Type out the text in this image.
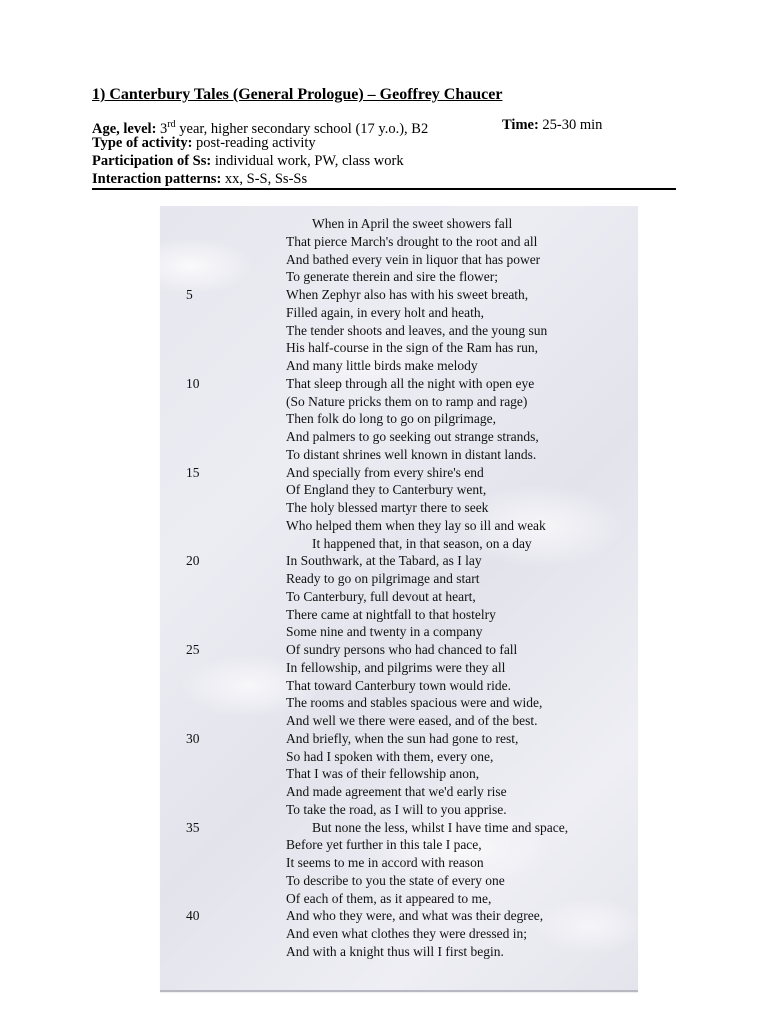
1) Canterbury Tales (General Prologue) – Geoffrey Chaucer
Age, level: 3rd year, higher secondary school (17 y.o.), B2	Time: 25-30 min
Type of activity: post-reading activity
Participation of Ss: individual work, PW, class work
Interaction patterns: xx, S-S, Ss-Ss
When in April the sweet showers fall
That pierce March's drought to the root and all
And bathed every vein in liquor that has power
To generate therein and sire the flower;
5	When Zephyr also has with his sweet breath,
Filled again, in every holt and heath,
The tender shoots and leaves, and the young sun
His half-course in the sign of the Ram has run,
And many little birds make melody
10	That sleep through all the night with open eye
(So Nature pricks them on to ramp and rage)
Then folk do long to go on pilgrimage,
And palmers to go seeking out strange strands,
To distant shrines well known in distant lands.
15	And specially from every shire's end
Of England they to Canterbury went,
The holy blessed martyr there to seek
Who helped them when they lay so ill and weak
It happened that, in that season, on a day
20	In Southwark, at the Tabard, as I lay
Ready to go on pilgrimage and start
To Canterbury, full devout at heart,
There came at nightfall to that hostelry
Some nine and twenty in a company
25	Of sundry persons who had chanced to fall
In fellowship, and pilgrims were they all
That toward Canterbury town would ride.
The rooms and stables spacious were and wide,
And well we there were eased, and of the best.
30	And briefly, when the sun had gone to rest,
So had I spoken with them, every one,
That I was of their fellowship anon,
And made agreement that we'd early rise
To take the road, as I will to you apprise.
35	But none the less, whilst I have time and space,
Before yet further in this tale I pace,
It seems to me in accord with reason
To describe to you the state of every one
Of each of them, as it appeared to me,
40	And who they were, and what was their degree,
And even what clothes they were dressed in;
And with a knight thus will I first begin.
